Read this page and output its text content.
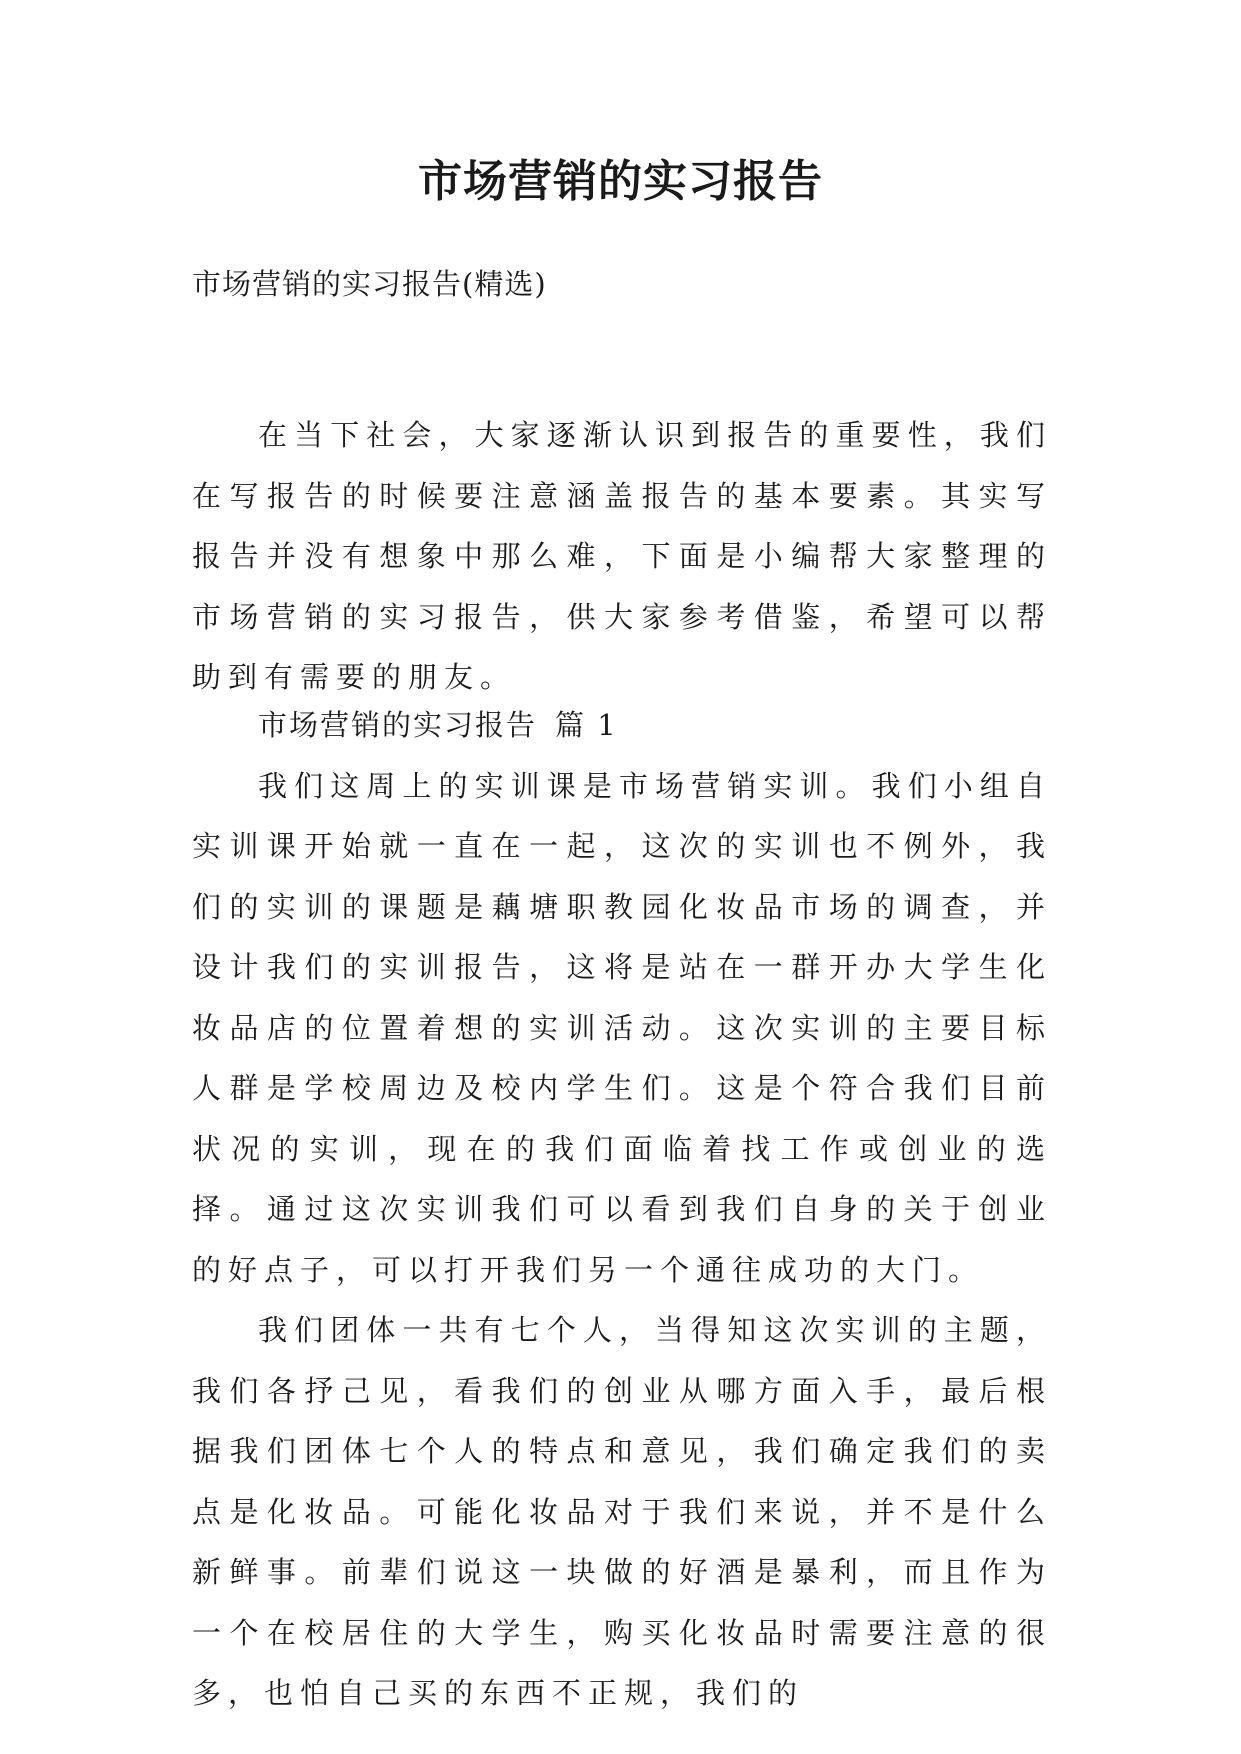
市场营销的实习报告
市场营销的实习报告(精选)

在当下社会，大家逐渐认识到报告的重要性，我们在写报告的时候要注意涵盖报告的基本要素。其实写报告并没有想象中那么难，下面是小编帮大家整理的市场营销的实习报告，供大家参考借鉴，希望可以帮助到有需要的朋友。

市场营销的实习报告 篇 1

我们这周上的实训课是市场营销实训。我们小组自实训课开始就一直在一起，这次的实训也不例外，我们的实训的课题是藕塘职教园化妆品市场的调查，并设计我们的实训报告，这将是站在一群开办大学生化妆品店的位置着想的实训活动。这次实训的主要目标人群是学校周边及校内学生们。这是个符合我们目前状况的实训，现在的我们面临着找工作或创业的选择。通过这次实训我们可以看到我们自身的关于创业的好点子，可以打开我们另一个通往成功的大门。

我们团体一共有七个人，当得知这次实训的主题，我们各抒己见，看我们的创业从哪方面入手，最后根据我们团体七个人的特点和意见，我们确定我们的卖点是化妆品。可能化妆品对于我们来说，并不是什么新鲜事。前辈们说这一块做的好酒是暴利，而且作为一个在校居住的大学生，购买化妆品时需要注意的很多，也怕自己买的东西不正规，我们的
